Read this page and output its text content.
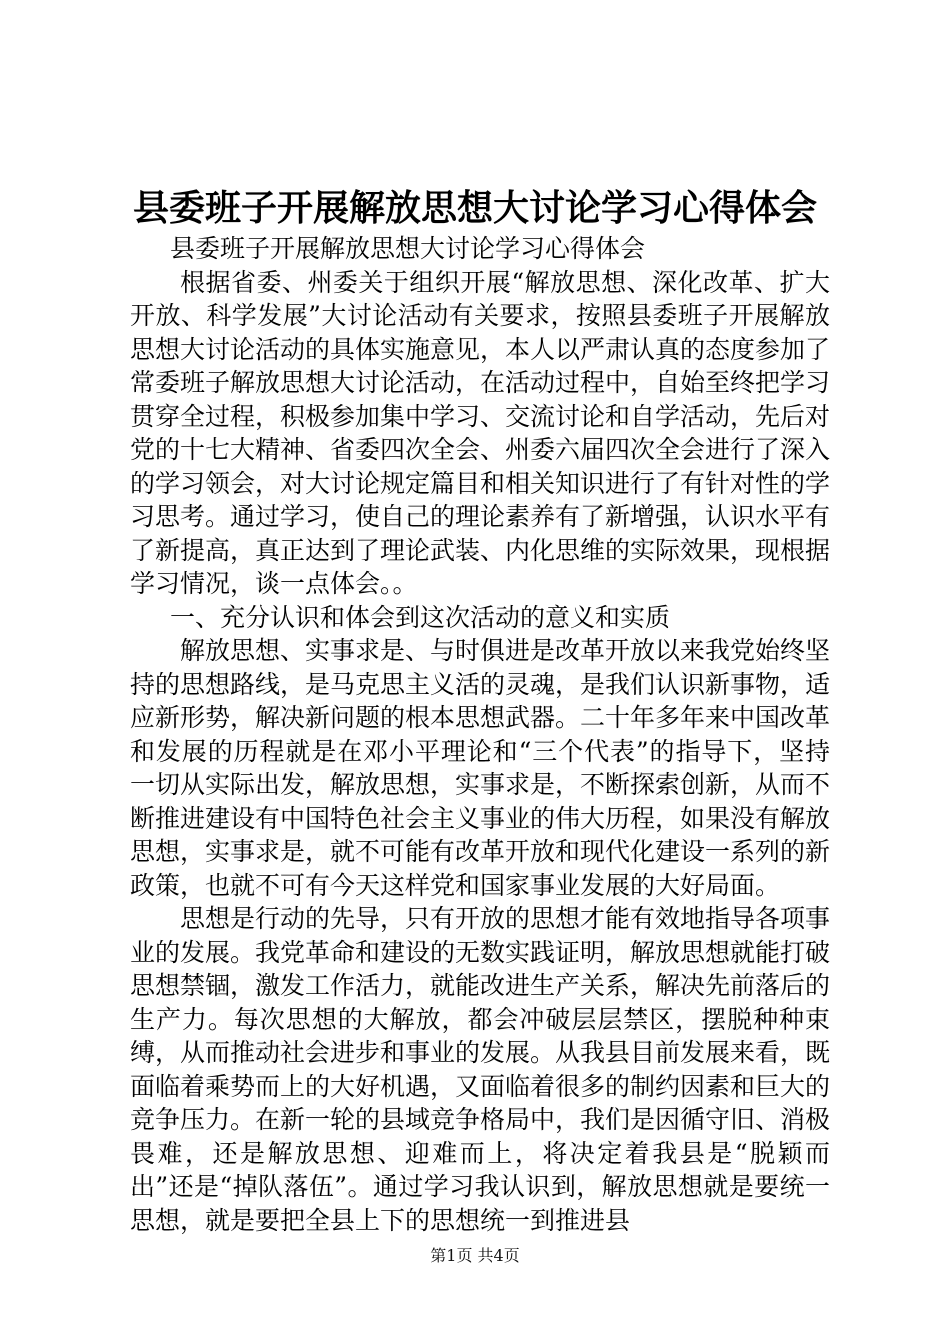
县委班子开展解放思想大讨论学习心得体会

县委班子开展解放思想大讨论学习心得体会

根据省委、州委关于组织开展“解放思想、深化改革、扩大开放、科学发展”大讨论活动有关要求，按照县委班子开展解放思想大讨论活动的具体实施意见，本人以严肃认真的态度参加了常委班子解放思想大讨论活动，在活动过程中，自始至终把学习贯穿全过程，积极参加集中学习、交流讨论和自学活动，先后对党的十七大精神、省委四次全会、州委六届四次全会进行了深入的学习领会，对大讨论规定篇目和相关知识进行了有针对性的学习思考。通过学习，使自己的理论素养有了新增强，认识水平有了新提高，真正达到了理论武装、内化思维的实际效果，现根据学习情况，谈一点体会。。

一、充分认识和体会到这次活动的意义和实质

解放思想、实事求是、与时俱进是改革开放以来我党始终坚持的思想路线，是马克思主义活的灵魂，是我们认识新事物，适应新形势，解决新问题的根本思想武器。二十年多年来中国改革和发展的历程就是在邓小平理论和“三个代表”的指导下，坚持一切从实际出发，解放思想，实事求是，不断探索创新，从而不断推进建设有中国特色社会主义事业的伟大历程，如果没有解放思想，实事求是，就不可能有改革开放和现代化建设一系列的新政策，也就不可有今天这样党和国家事业发展的大好局面。

思想是行动的先导，只有开放的思想才能有效地指导各项事业的发展。我党革命和建设的无数实践证明，解放思想就能打破思想禁锢，激发工作活力，就能改进生产关系，解决先前落后的生产力。每次思想的大解放，都会冲破层层禁区，摆脱种种束缚，从而推动社会进步和事业的发展。从我县目前发展来看，既面临着乘势而上的大好机遇，又面临着很多的制约因素和巨大的竞争压力。在新一轮的县域竞争格局中，我们是因循守旧、消极畏难，还是解放思想、迎难而上，将决定着我县是“脱颖而出”还是“掉队落伍”。通过学习我认识到，解放思想就是要统一思想，就是要把全县上下的思想统一到推进县

第1页 共4页
